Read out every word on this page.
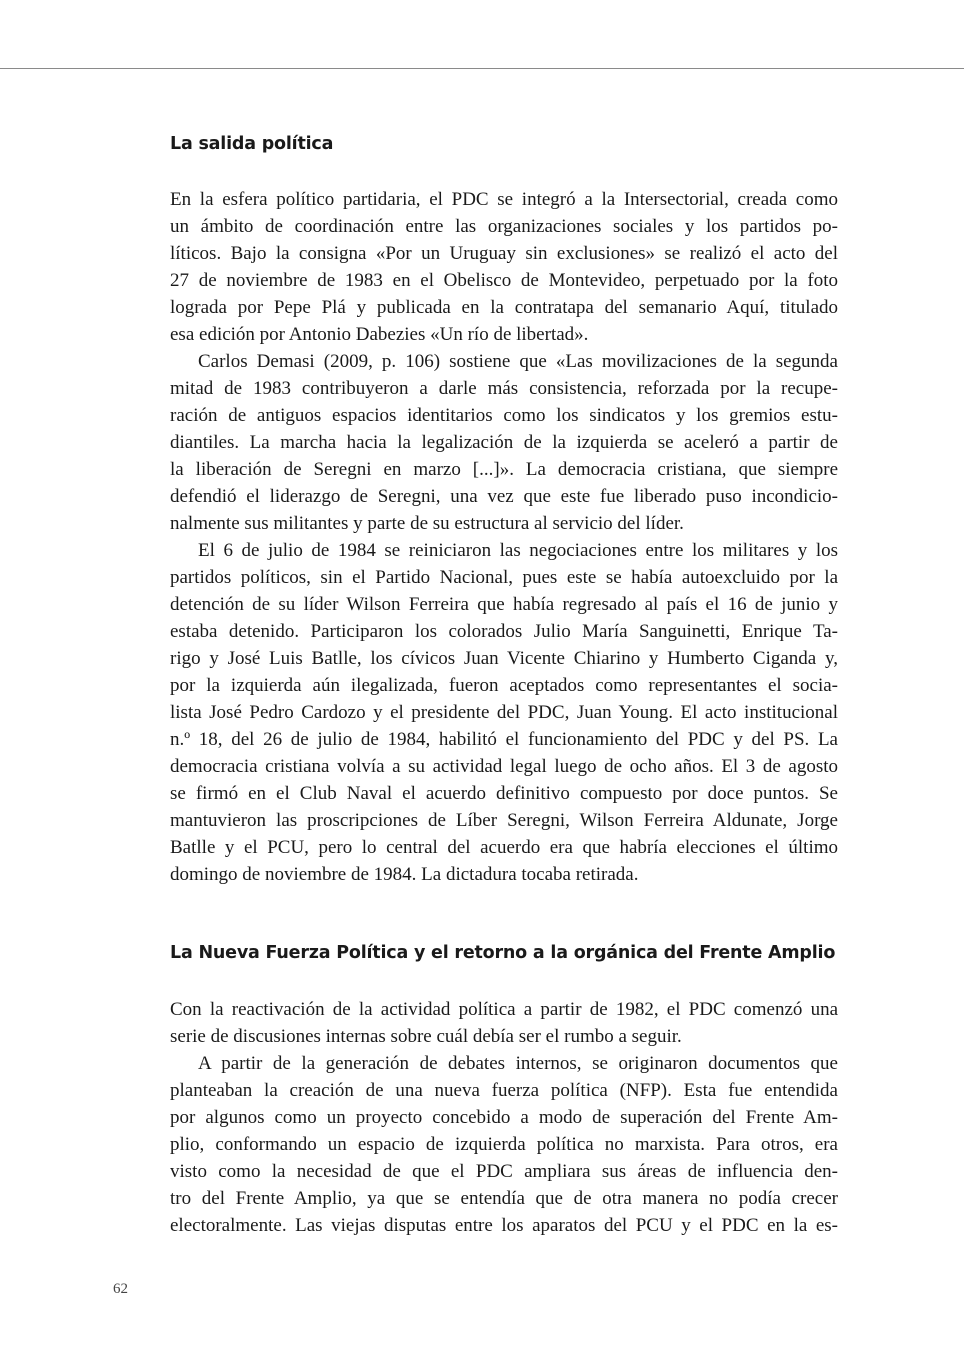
La salida política
En la esfera político partidaria, el PDC se integró a la Intersectorial, creada como
un ámbito de coordinación entre las organizaciones sociales y los partidos po-
líticos. Bajo la consigna «Por un Uruguay sin exclusiones» se realizó el acto del
27 de noviembre de 1983 en el Obelisco de Montevideo, perpetuado por la foto
lograda por Pepe Plá y publicada en la contratapa del semanario Aquí, titulado
esa edición por Antonio Dabezies «Un río de libertad».
Carlos Demasi (2009, p. 106) sostiene que «Las movilizaciones de la segunda
mitad de 1983 contribuyeron a darle más consistencia, reforzada por la recupe-
ración de antiguos espacios identitarios como los sindicatos y los gremios estu-
diantiles. La marcha hacia la legalización de la izquierda se aceleró a partir de
la liberación de Seregni en marzo [...]». La democracia cristiana, que siempre
defendió el liderazgo de Seregni, una vez que este fue liberado puso incondicio-
nalmente sus militantes y parte de su estructura al servicio del líder.
El 6 de julio de 1984 se reiniciaron las negociaciones entre los militares y los
partidos políticos, sin el Partido Nacional, pues este se había autoexcluido por la
detención de su líder Wilson Ferreira que había regresado al país el 16 de junio y
estaba detenido. Participaron los colorados Julio María Sanguinetti, Enrique Ta-
rigo y José Luis Batlle, los cívicos Juan Vicente Chiarino y Humberto Ciganda y,
por la izquierda aún ilegalizada, fueron aceptados como representantes el socia-
lista José Pedro Cardozo y el presidente del PDC, Juan Young. El acto institucional
n.º 18, del 26 de julio de 1984, habilitó el funcionamiento del PDC y del PS. La
democracia cristiana volvía a su actividad legal luego de ocho años. El 3 de agosto
se firmó en el Club Naval el acuerdo definitivo compuesto por doce puntos. Se
mantuvieron las proscripciones de Líber Seregni, Wilson Ferreira Aldunate, Jorge
Batlle y el PCU, pero lo central del acuerdo era que habría elecciones el último
domingo de noviembre de 1984. La dictadura tocaba retirada.
La Nueva Fuerza Política y el retorno a la orgánica del Frente Amplio
Con la reactivación de la actividad política a partir de 1982, el PDC comenzó una
serie de discusiones internas sobre cuál debía ser el rumbo a seguir.
A partir de la generación de debates internos, se originaron documentos que
planteaban la creación de una nueva fuerza política (NFP). Esta fue entendida
por algunos como un proyecto concebido a modo de superación del Frente Am-
plio, conformando un espacio de izquierda política no marxista. Para otros, era
visto como la necesidad de que el PDC ampliara sus áreas de influencia den-
tro del Frente Amplio, ya que se entendía que de otra manera no podía crecer
electoralmente. Las viejas disputas entre los aparatos del PCU y el PDC en la es-
62
